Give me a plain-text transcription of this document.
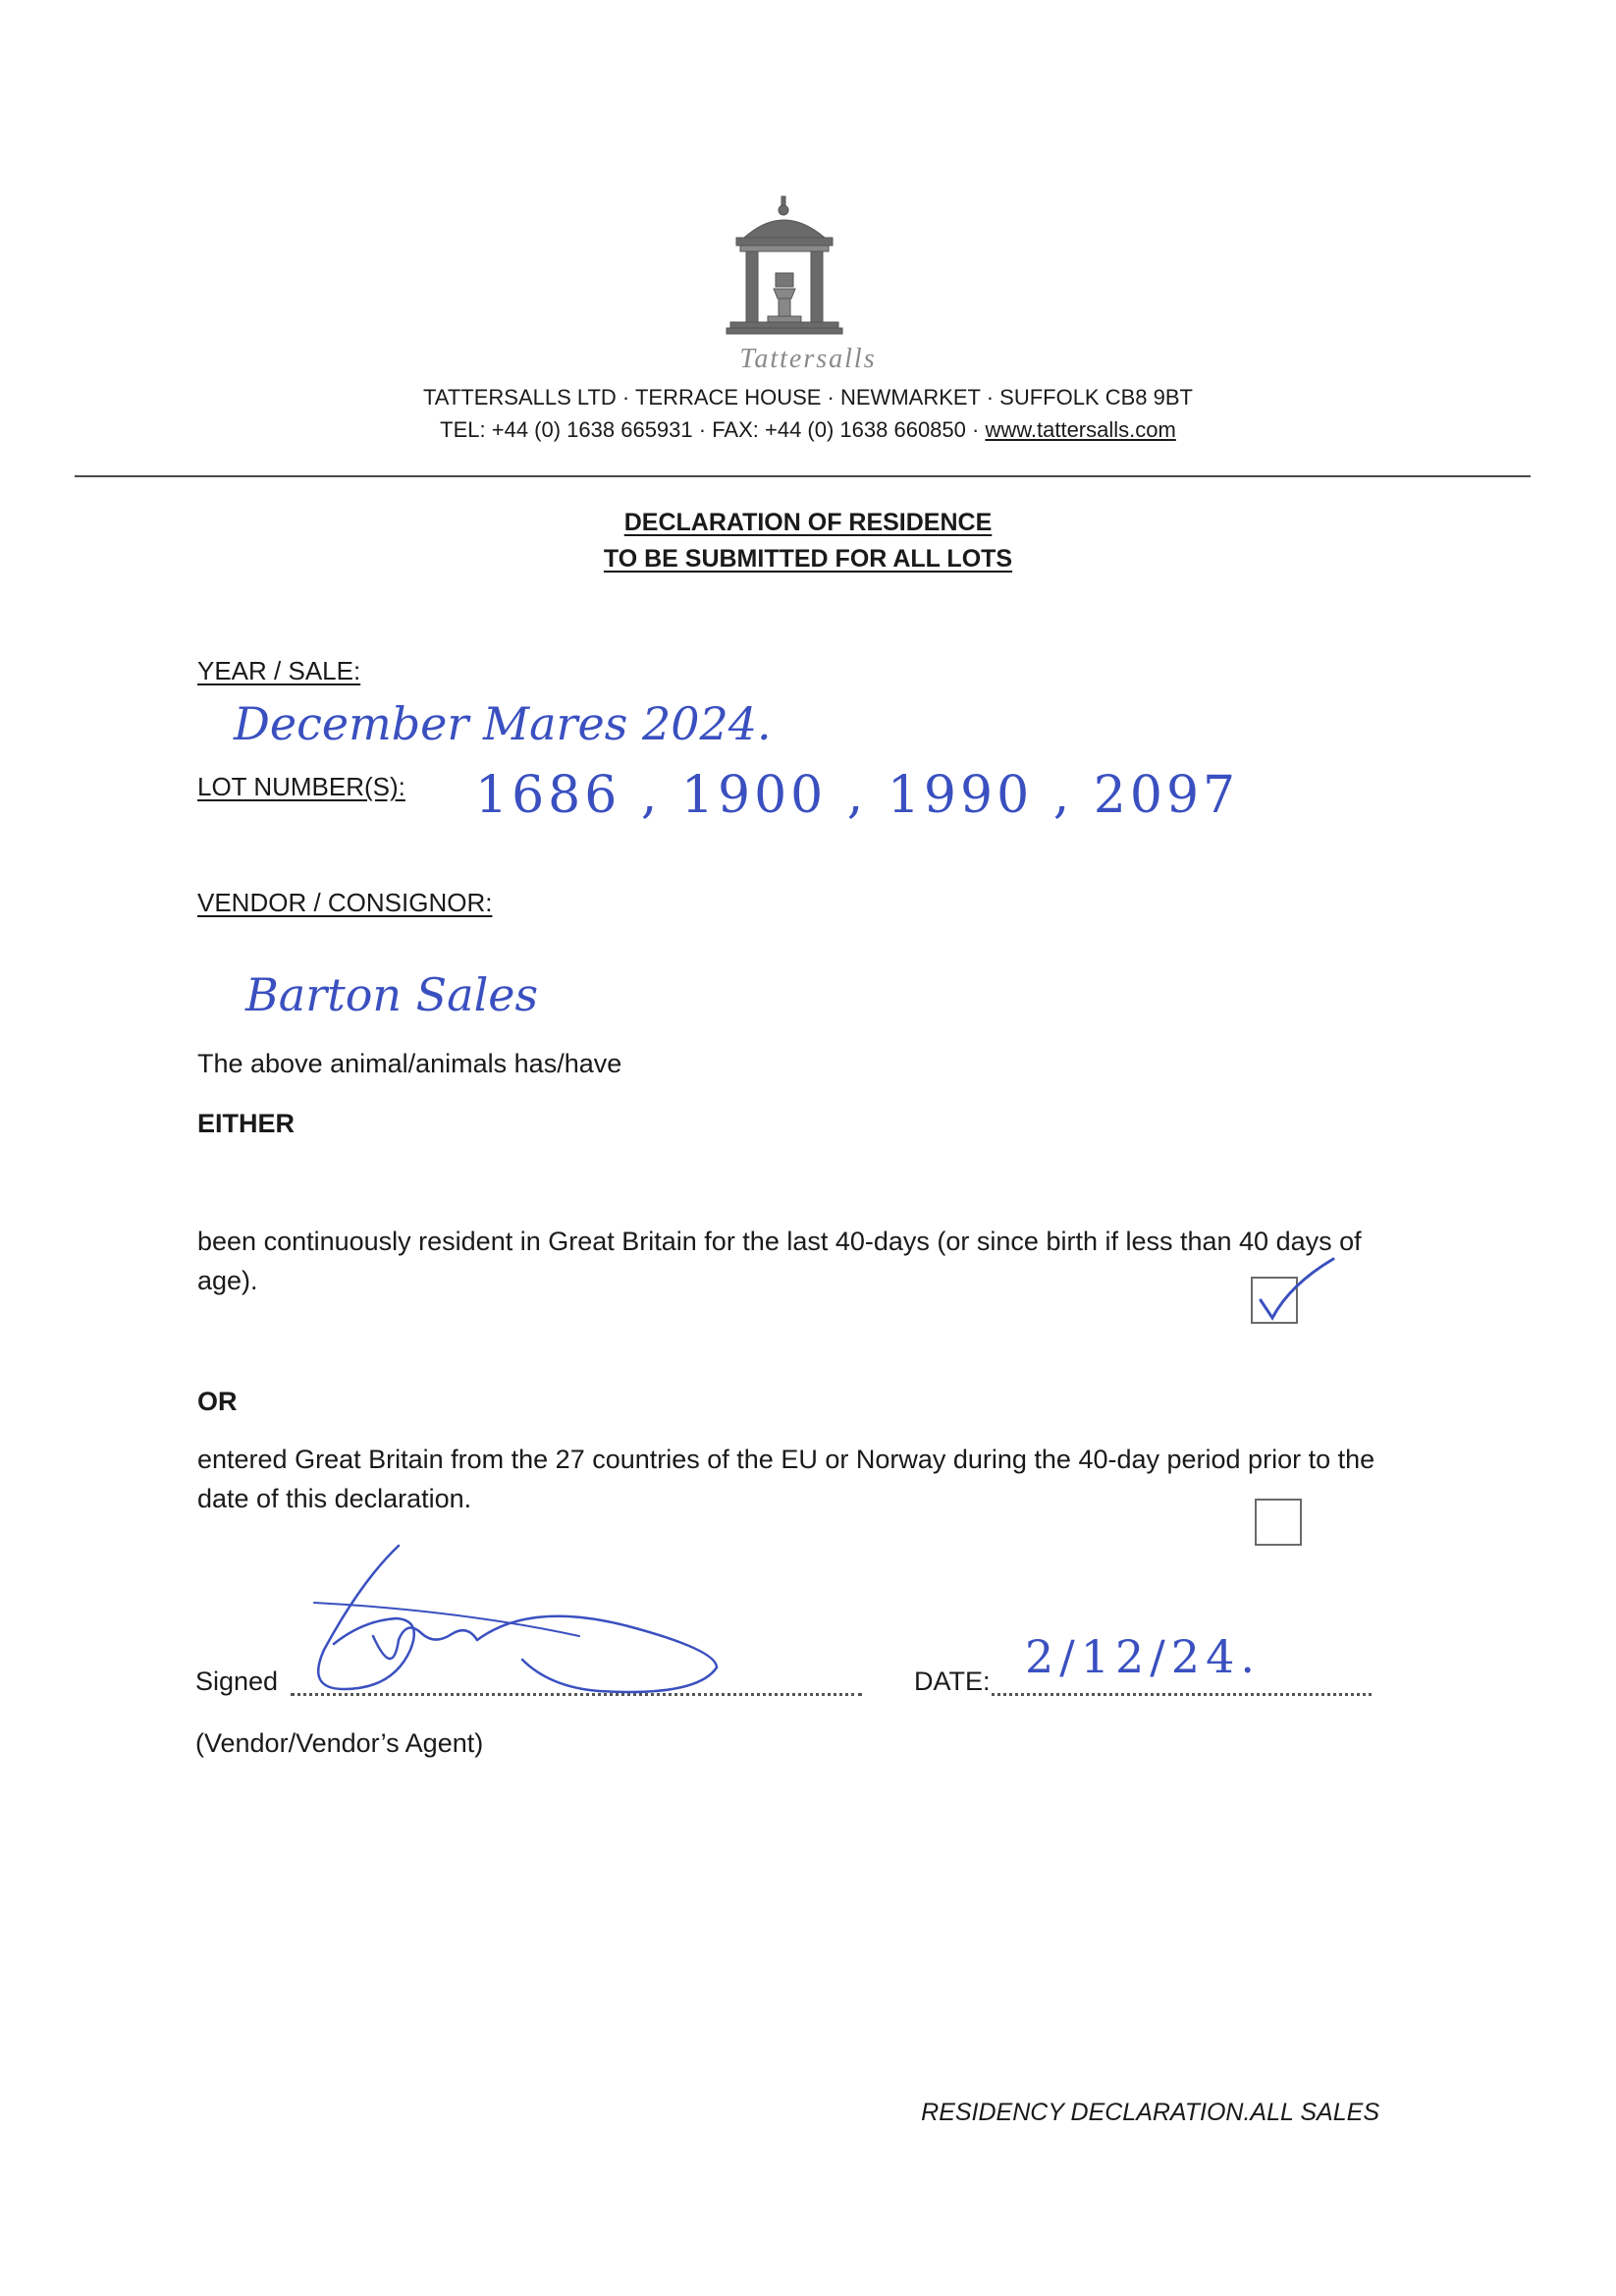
Tattersalls
TATTERSALLS LTD · TERRACE HOUSE · NEWMARKET · SUFFOLK CB8 9BT
TEL: +44 (0) 1638 665931 · FAX: +44 (0) 1638 660850 · www.tattersalls.com
DECLARATION OF RESIDENCE
TO BE SUBMITTED FOR ALL LOTS
YEAR / SALE:
December Mares 2024.
LOT NUMBER(S): 1686 , 1900 , 1990 , 2097
VENDOR / CONSIGNOR:
Barton Sales
The above animal/animals has/have
EITHER
been continuously resident in Great Britain for the last 40-days (or since birth if less than 40 days of age).
OR
entered Great Britain from the 27 countries of the EU or Norway during the 40-day period prior to the date of this declaration.
Signed	DATE: 2/12/24.
(Vendor/Vendor’s Agent)
RESIDENCY DECLARATION.ALL SALES
